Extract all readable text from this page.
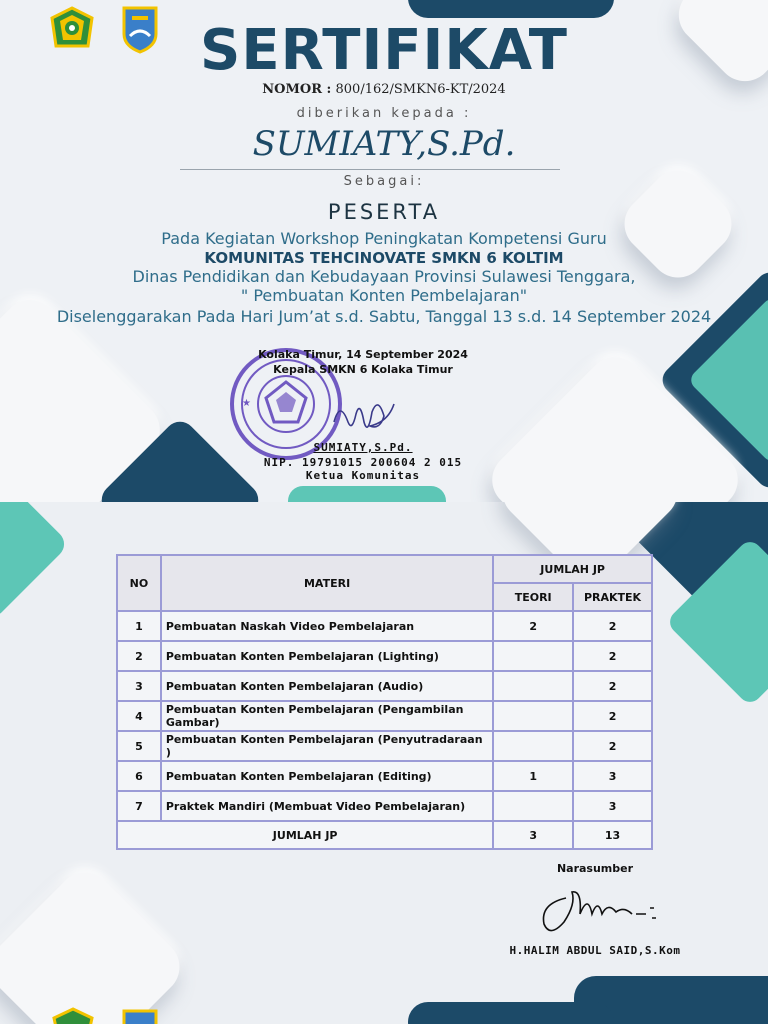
SERTIFIKAT
NOMOR : 800/162/SMKN6-KT/2024
diberikan kepada :
SUMIATY,S.Pd.
Sebagai:
PESERTA
Pada Kegiatan Workshop Peningkatan Kompetensi Guru
KOMUNITAS TEHCINOVATE SMKN 6 KOLTIM
Dinas Pendidikan dan Kebudayaan Provinsi Sulawesi Tenggara,
" Pembuatan Konten Pembelajaran"
Diselenggarakan Pada Hari Jum’at s.d. Sabtu, Tanggal 13 s.d. 14 September 2024
★
Kolaka Timur, 14 September 2024
Kepala SMKN 6 Kolaka Timur
SUMIATY,S.Pd.
NIP. 19791015 200604 2 015
Ketua Komunitas
NO	MATERI	JUMLAH JP	
		TEORI	PRAKTEK
1	Pembuatan Naskah Video Pembelajaran	2	2
2	Pembuatan Konten Pembelajaran (Lighting)		2
3	Pembuatan Konten Pembelajaran (Audio)		2
4	Pembuatan Konten Pembelajaran (Pengambilan Gambar)		2
5	Pembuatan Konten Pembelajaran (Penyutradaraan )		2
6	Pembuatan Konten Pembelajaran (Editing)	1	3
7	Praktek Mandiri (Membuat Video Pembelajaran)		3
JUMLAH JP		3	13
Narasumber
H.HALIM ABDUL SAID,S.Kom
